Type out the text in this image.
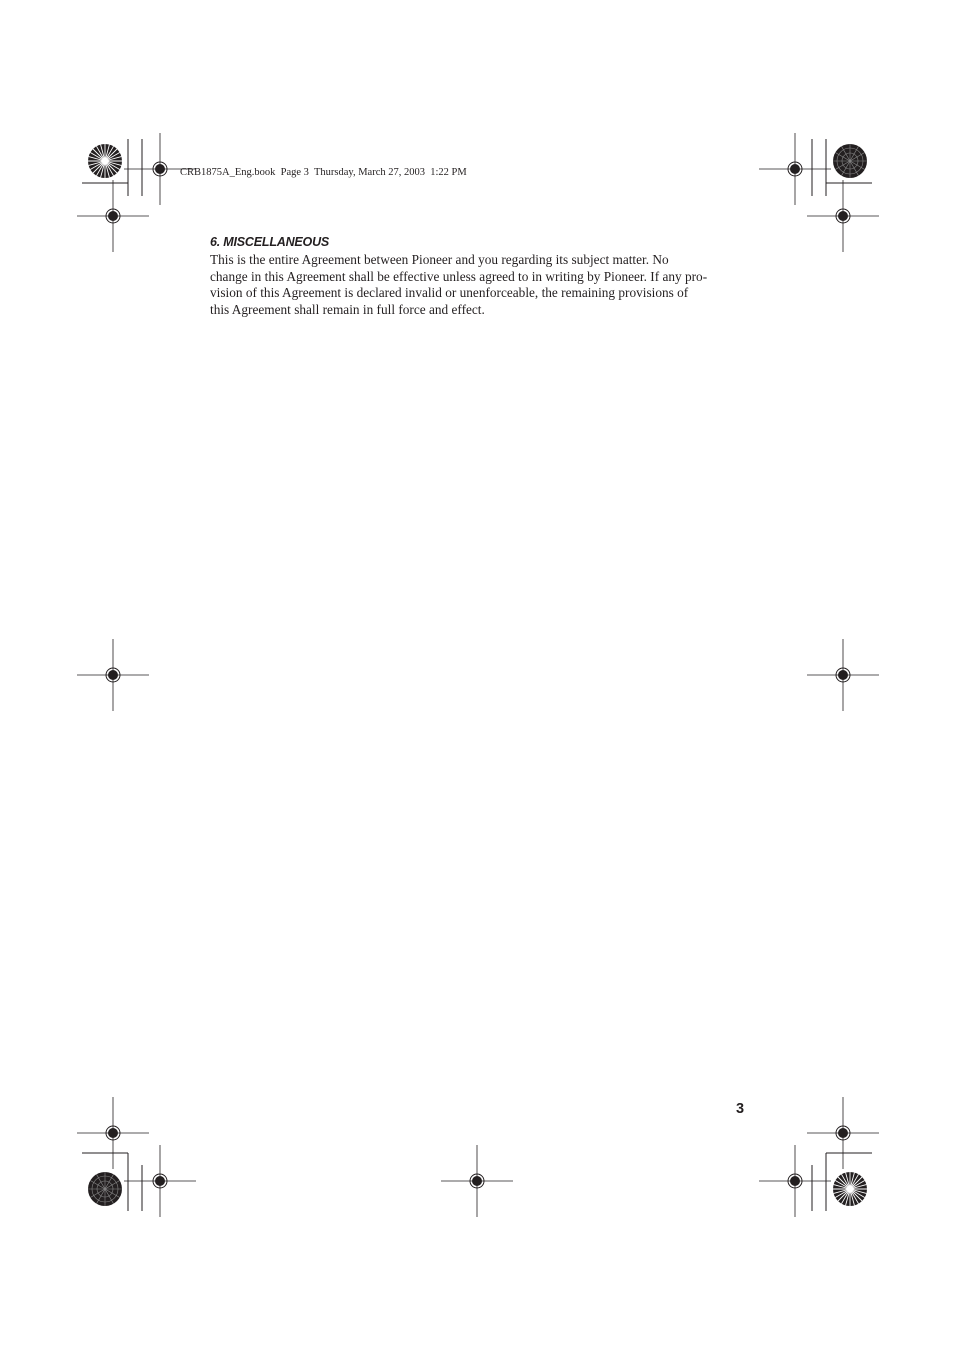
CRB1875A_Eng.book  Page 3  Thursday, March 27, 2003  1:22 PM
6. MISCELLANEOUS
This is the entire Agreement between Pioneer and you regarding its subject matter. No
change in this Agreement shall be effective unless agreed to in writing by Pioneer. If any pro-
vision of this Agreement is declared invalid or unenforceable, the remaining provisions of
this Agreement shall remain in full force and effect.
3
